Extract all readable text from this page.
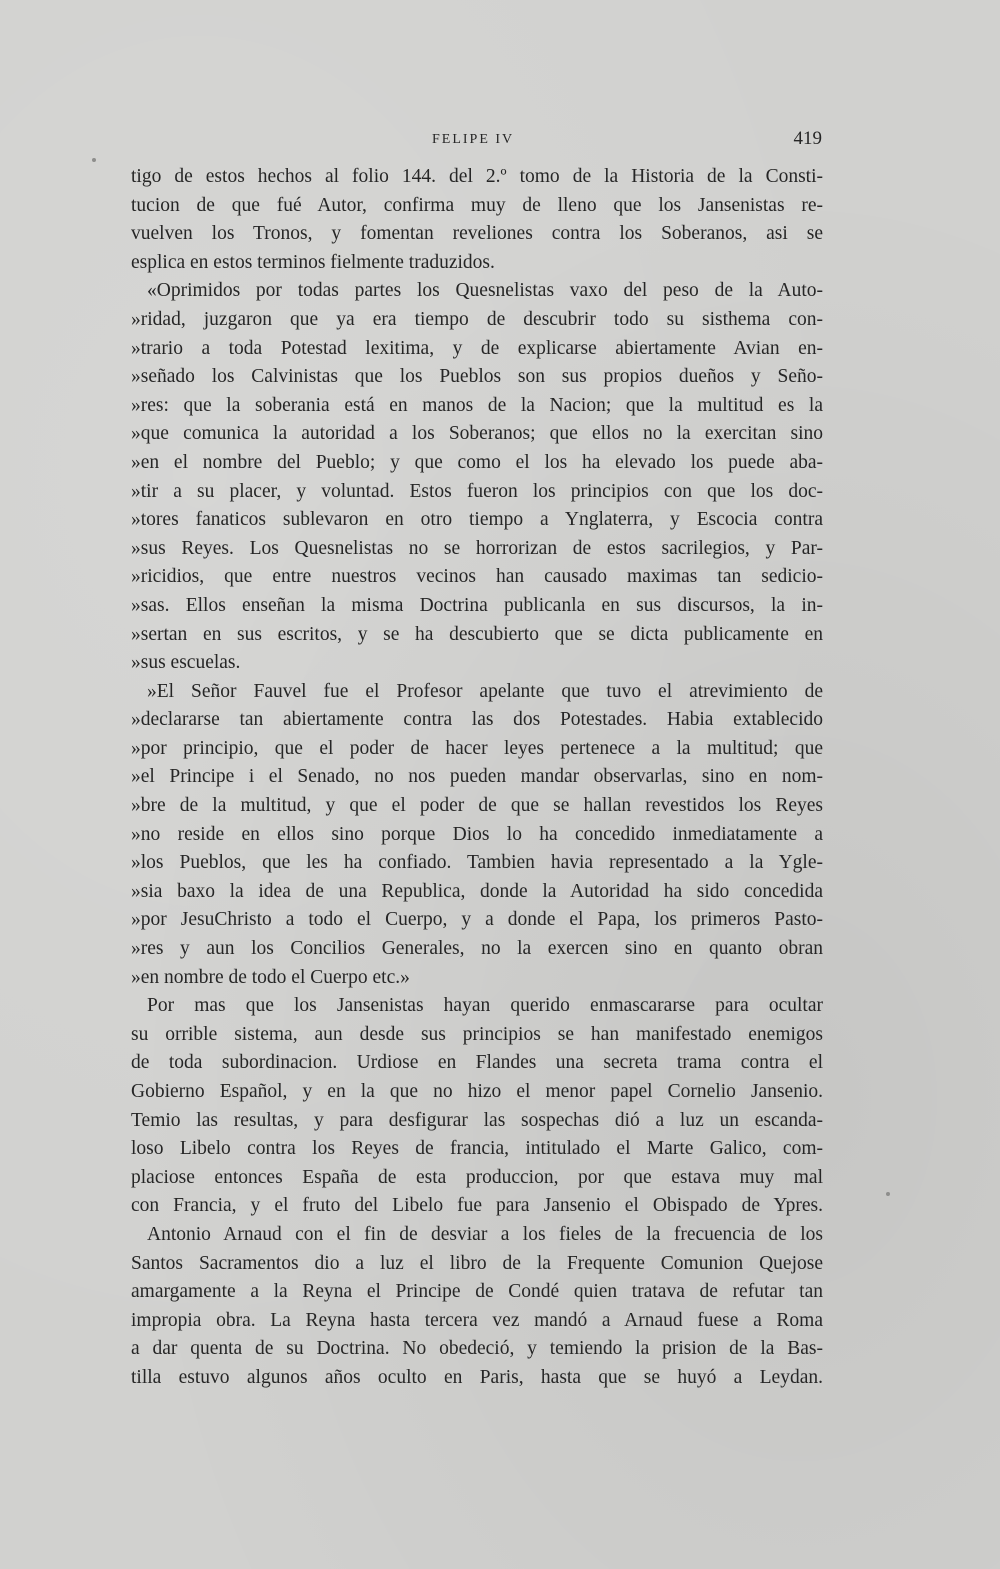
FELIPE IV	419
tigo de estos hechos al folio 144. del 2.º tomo de la Historia de la Consti-
tucion de que fué Autor, confirma muy de lleno que los Jansenistas re-
vuelven los Tronos, y fomentan reveliones contra los Soberanos, asi se
esplica en estos terminos fielmente traduzidos.
«Oprimidos por todas partes los Quesnelistas vaxo del peso de la Auto-
»ridad, juzgaron que ya era tiempo de descubrir todo su sisthema con-
»trario a toda Potestad lexitima, y de explicarse abiertamente Avian en-
»señado los Calvinistas que los Pueblos son sus propios dueños y Seño-
»res: que la soberania está en manos de la Nacion; que la multitud es la
»que comunica la autoridad a los Soberanos; que ellos no la exercitan sino
»en el nombre del Pueblo; y que como el los ha elevado los puede aba-
»tir a su placer, y voluntad. Estos fueron los principios con que los doc-
»tores fanaticos sublevaron en otro tiempo a Ynglaterra, y Escocia contra
»sus Reyes. Los Quesnelistas no se horrorizan de estos sacrilegios, y Par-
»ricidios, que entre nuestros vecinos han causado maximas tan sedicio-
»sas. Ellos enseñan la misma Doctrina publicanla en sus discursos, la in-
»sertan en sus escritos, y se ha descubierto que se dicta publicamente en
»sus escuelas.
»El Señor Fauvel fue el Profesor apelante que tuvo el atrevimiento de
»declararse tan abiertamente contra las dos Potestades. Habia extablecido
»por principio, que el poder de hacer leyes pertenece a la multitud; que
»el Principe i el Senado, no nos pueden mandar observarlas, sino en nom-
»bre de la multitud, y que el poder de que se hallan revestidos los Reyes
»no reside en ellos sino porque Dios lo ha concedido inmediatamente a
»los Pueblos, que les ha confiado. Tambien havia representado a la Ygle-
»sia baxo la idea de una Republica, donde la Autoridad ha sido concedida
»por JesuChristo a todo el Cuerpo, y a donde el Papa, los primeros Pasto-
»res y aun los Concilios Generales, no la exercen sino en quanto obran
»en nombre de todo el Cuerpo etc.»
Por mas que los Jansenistas hayan querido enmascararse para ocultar
su orrible sistema, aun desde sus principios se han manifestado enemigos
de toda subordinacion. Urdiose en Flandes una secreta trama contra el
Gobierno Español, y en la que no hizo el menor papel Cornelio Jansenio.
Temio las resultas, y para desfigurar las sospechas dió a luz un escanda-
loso Libelo contra los Reyes de francia, intitulado el Marte Galico, com-
placiose entonces España de esta produccion, por que estava muy mal
con Francia, y el fruto del Libelo fue para Jansenio el Obispado de Ypres.
Antonio Arnaud con el fin de desviar a los fieles de la frecuencia de los
Santos Sacramentos dio a luz el libro de la Frequente Comunion Quejose
amargamente a la Reyna el Principe de Condé quien tratava de refutar tan
impropia obra. La Reyna hasta tercera vez mandó a Arnaud fuese a Roma
a dar quenta de su Doctrina. No obedeció, y temiendo la prision de la Bas-
tilla estuvo algunos años oculto en Paris, hasta que se huyó a Leydan.
